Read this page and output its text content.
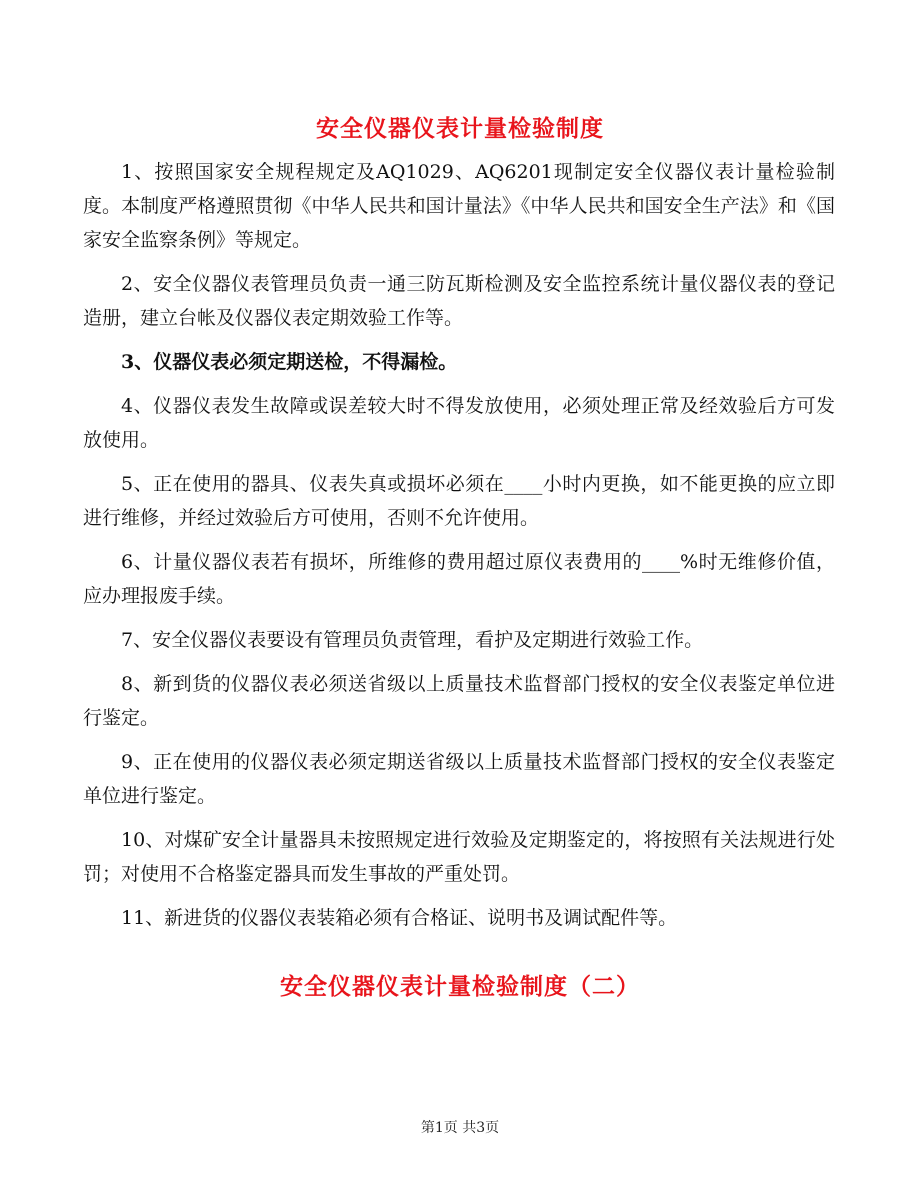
安全仪器仪表计量检验制度

1、按照国家安全规程规定及AQ1029、AQ6201现制定安全仪器仪表计量检验制度。本制度严格遵照贯彻《中华人民共和国计量法》《中华人民共和国安全生产法》和《国家安全监察条例》等规定。

2、安全仪器仪表管理员负责一通三防瓦斯检测及安全监控系统计量仪器仪表的登记造册，建立台帐及仪器仪表定期效验工作等。

3、仪器仪表必须定期送检，不得漏检。

4、仪器仪表发生故障或误差较大时不得发放使用，必须处理正常及经效验后方可发放使用。

5、正在使用的器具、仪表失真或损坏必须在____小时内更换，如不能更换的应立即进行维修，并经过效验后方可使用，否则不允许使用。

6、计量仪器仪表若有损坏，所维修的费用超过原仪表费用的____%时无维修价值，应办理报废手续。

7、安全仪器仪表要设有管理员负责管理，看护及定期进行效验工作。

8、新到货的仪器仪表必须送省级以上质量技术监督部门授权的安全仪表鉴定单位进行鉴定。

9、正在使用的仪器仪表必须定期送省级以上质量技术监督部门授权的安全仪表鉴定单位进行鉴定。

10、对煤矿安全计量器具未按照规定进行效验及定期鉴定的，将按照有关法规进行处罚；对使用不合格鉴定器具而发生事故的严重处罚。

11、新进货的仪器仪表装箱必须有合格证、说明书及调试配件等。

安全仪器仪表计量检验制度（二）
第1页 共3页
